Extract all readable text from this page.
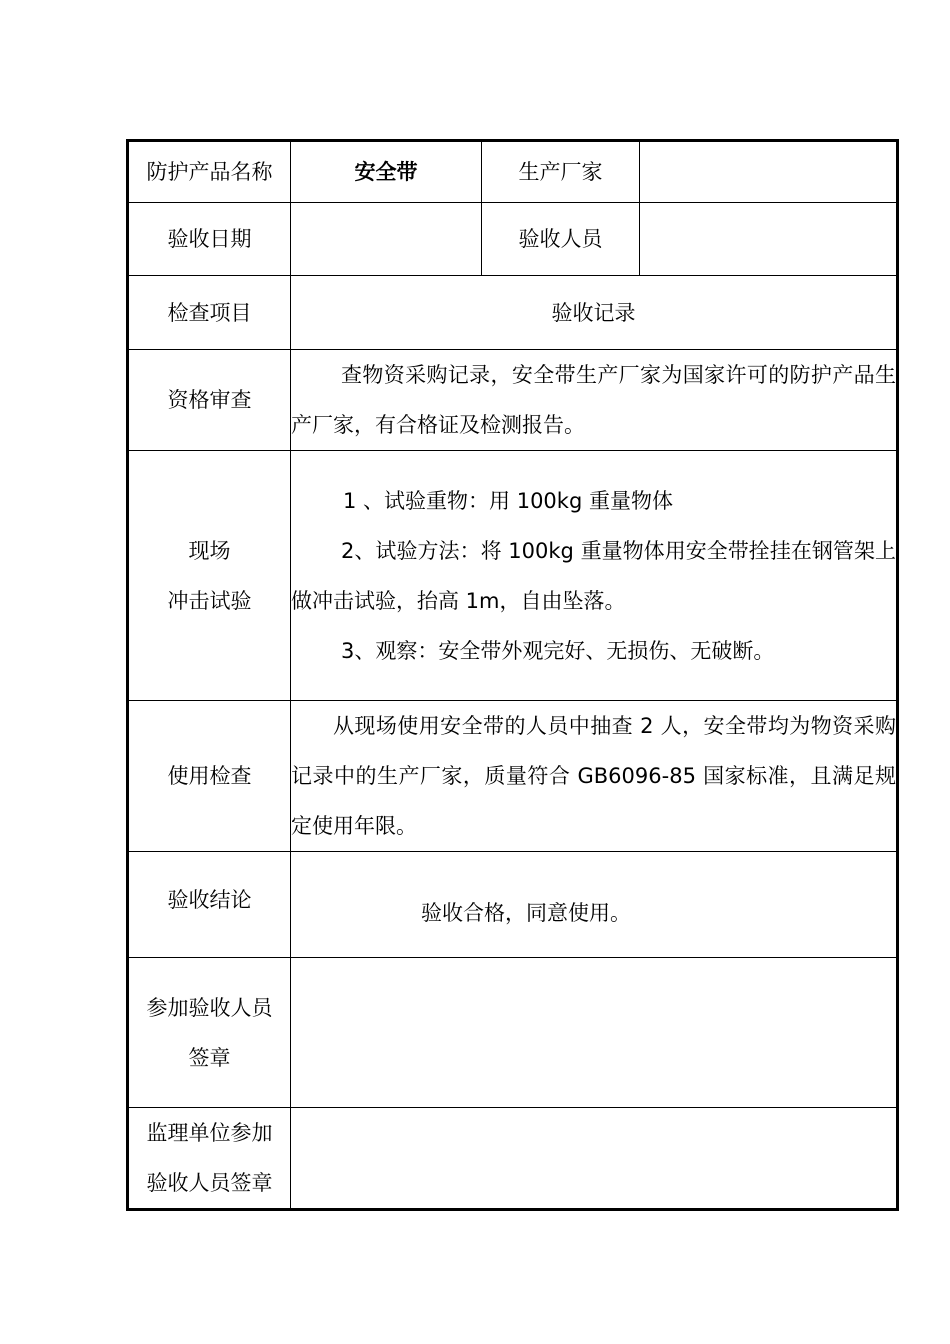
防护产品名称	安全带	生产厂家	
验收日期		验收人员	
检查项目	验收记录		
资格审查	查物资采购记录，安全带生产厂家为国家许可的防护产品生产厂家，有合格证及检测报告。		

现场
冲击试验	1 、试验重物：用 100kg 重量物体
2、试验方法：将 100kg 重量物体用安全带拴挂在钢管架上做冲击试验，抬高 1m，自由坠落。
3、观察：安全带外观完好、无损伤、无破断。		

使用检查	从现场使用安全带的人员中抽查 2 人，安全带均为物资采购记录中的生产厂家，质量符合 GB6096-85 国家标准，且满足规定使用年限。		

验收结论	验收合格，同意使用。		

参加验收人员
签章			

监理单位参加
验收人员签章			
